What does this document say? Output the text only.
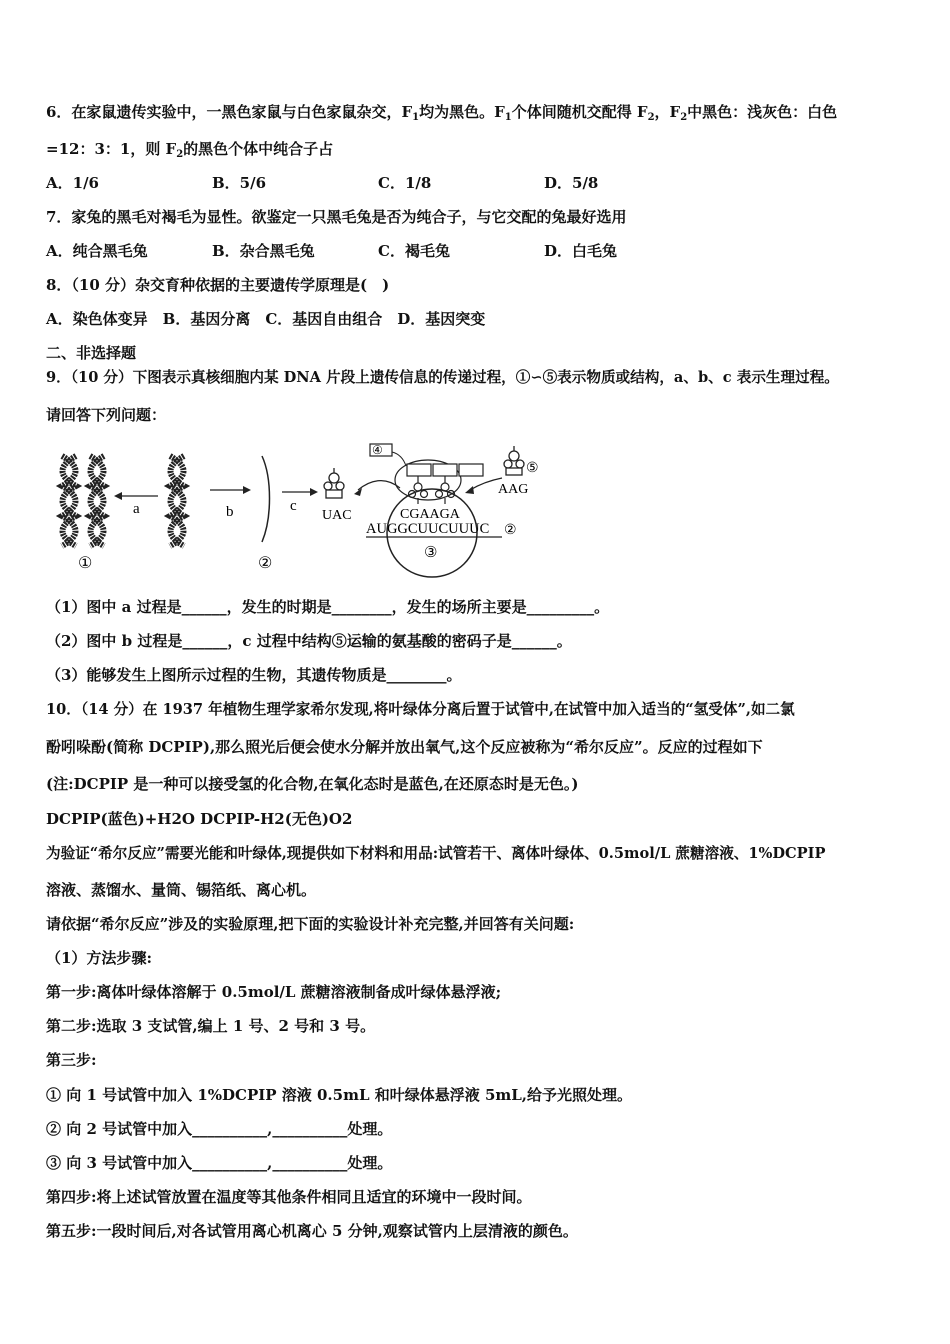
6．在家鼠遗传实验中，一黑色家鼠与白色家鼠杂交，$F_1$均为黑色。$F_1$个体间随机交配得 $F_2$，$F_2$中黑色：浅灰色：白色
=12：3：1，则 $F_2$的黑色个体中纯合子占
A．1/6	B．5/6	C．1/8	D．5/8
7．家兔的黑毛对褐毛为显性。欲鉴定一只黑毛兔是否为纯合子，与它交配的兔最好选用
A．纯合黑毛兔	B．杂合黑毛兔	C．褐毛兔	D．白毛兔
8．（10 分）杂交育种依据的主要遗传学原理是(　)
A．染色体变异　B．基因分离　C．基因自由组合　D．基因突变
二、非选择题
9．（10 分）下图表示真核细胞内某 DNA 片段上遗传信息的传递过程，①∽⑤表示物质或结构，a、b、c 表示生理过程。
请回答下列问题：
a	b	c
UAC
④
⑤
AAG
CGAAGA
AUGGCUUCUUUC ②
③
①	②
（1）图中 a 过程是______，发生的时期是________，发生的场所主要是_________。
（2）图中 b 过程是______，c 过程中结构⑤运输的氨基酸的密码子是______。
（3）能够发生上图所示过程的生物，其遗传物质是________。
10．（14 分）在 1937 年植物生理学家希尔发现,将叶绿体分离后置于试管中,在试管中加入适当的“氢受体”,如二氯
酚吲哚酚(简称 DCPIP),那么照光后便会使水分解并放出氧气,这个反应被称为“希尔反应”。反应的过程如下
(注:DCPIP 是一种可以接受氢的化合物,在氧化态时是蓝色,在还原态时是无色。)
DCPIP(蓝色)+H2O DCPIP-H2(无色)O2
为验证“希尔反应”需要光能和叶绿体,现提供如下材料和用品:试管若干、离体叶绿体、0.5mol/L 蔗糖溶液、1%DCPIP
溶液、蒸馏水、量筒、锡箔纸、离心机。
请依据“希尔反应”涉及的实验原理,把下面的实验设计补充完整,并回答有关问题:
（1）方法步骤:
第一步:离体叶绿体溶解于 0.5mol/L 蔗糖溶液制备成叶绿体悬浮液;
第二步:选取 3 支试管,编上 1 号、2 号和 3 号。
第三步:
① 向 1 号试管中加入 1%DCPIP 溶液 0.5mL 和叶绿体悬浮液 5mL,给予光照处理。
② 向 2 号试管中加入__________,__________处理。
③ 向 3 号试管中加入__________,__________处理。
第四步:将上述试管放置在温度等其他条件相同且适宜的环境中一段时间。
第五步:一段时间后,对各试管用离心机离心 5 分钟,观察试管内上层清液的颜色。
